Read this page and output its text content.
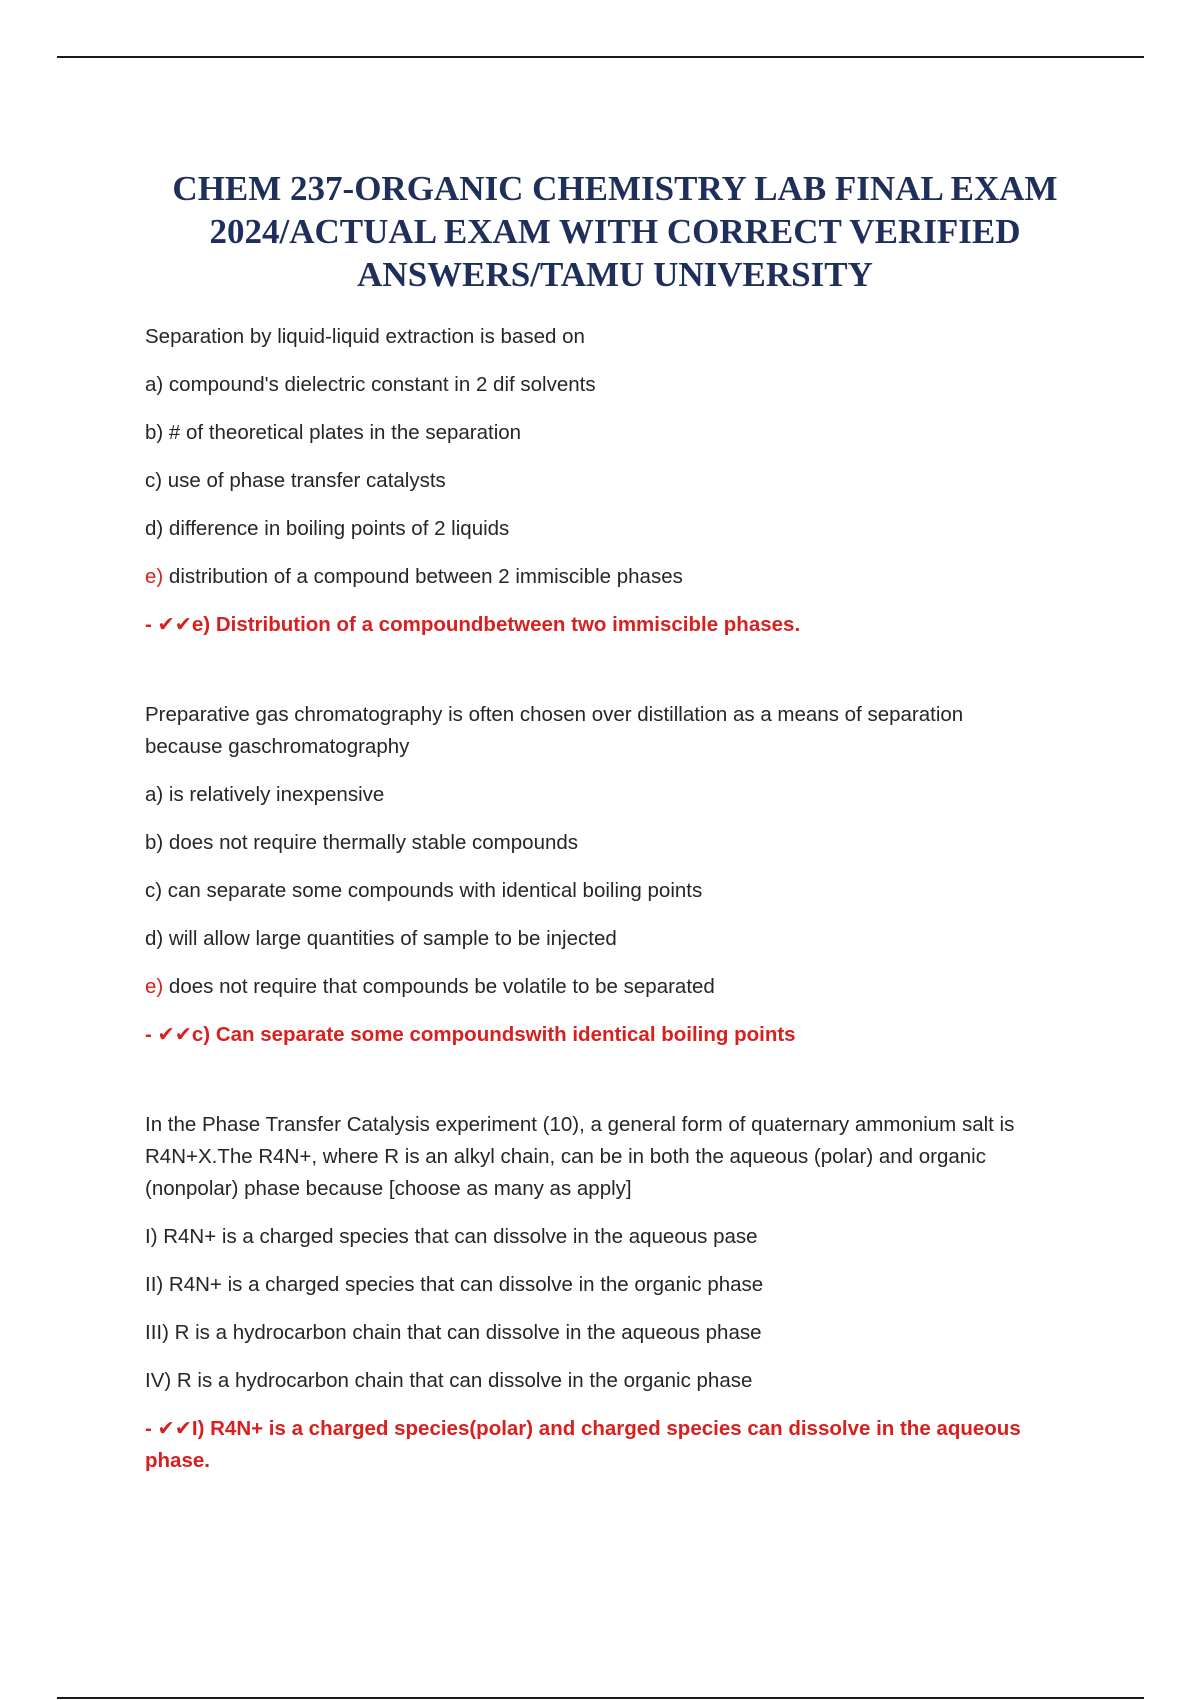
CHEM 237-ORGANIC CHEMISTRY LAB FINAL EXAM
2024/ACTUAL EXAM WITH CORRECT VERIFIED
ANSWERS/TAMU UNIVERSITY

Separation by liquid-liquid extraction is based on

a) compound's dielectric constant in 2 dif solvents

b) # of theoretical plates in the separation

c) use of phase transfer catalysts

d) difference in boiling points of 2 liquids

e) distribution of a compound between 2 immiscible phases

- ✔✔e) Distribution of a compoundbetween two immiscible phases.

Preparative gas chromatography is often chosen over distillation as a means of separation
because gaschromatography

a) is relatively inexpensive

b) does not require thermally stable compounds

c) can separate some compounds with identical boiling points

d) will allow large quantities of sample to be injected

e) does not require that compounds be volatile to be separated

- ✔✔c) Can separate some compoundswith identical boiling points

In the Phase Transfer Catalysis experiment (10), a general form of quaternary ammonium salt is
R4N+X.The R4N+, where R is an alkyl chain, can be in both the aqueous (polar) and organic
(nonpolar) phase because [choose as many as apply]

I) R4N+ is a charged species that can dissolve in the aqueous pase

II) R4N+ is a charged species that can dissolve in the organic phase

III) R is a hydrocarbon chain that can dissolve in the aqueous phase

IV) R is a hydrocarbon chain that can dissolve in the organic phase

- ✔✔I) R4N+ is a charged species(polar) and charged species can dissolve in the aqueous
phase.
